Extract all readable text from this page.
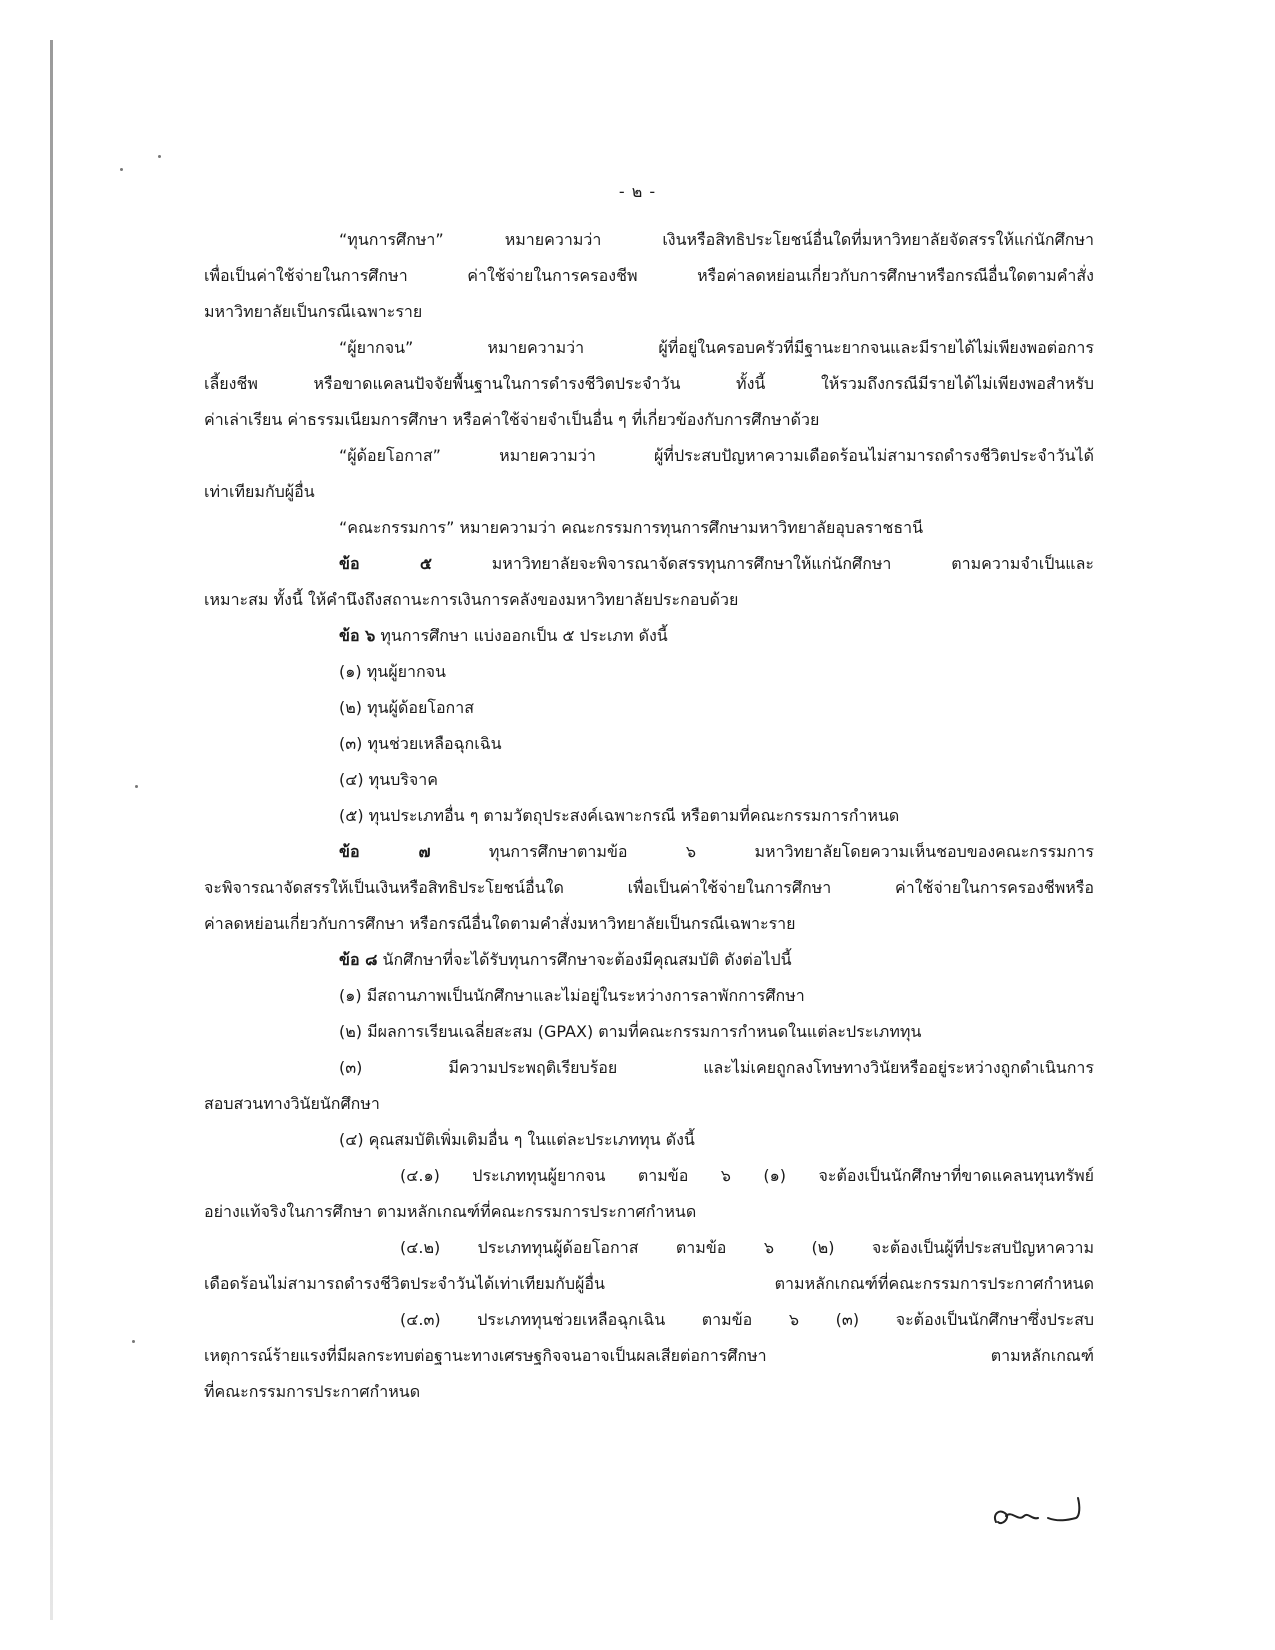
- ๒ -

“ทุนการศึกษา” หมายความว่า เงินหรือสิทธิประโยชน์อื่นใดที่มหาวิทยาลัยจัดสรรให้แก่นักศึกษา

เพื่อเป็นค่าใช้จ่ายในการศึกษา ค่าใช้จ่ายในการครองชีพ หรือค่าลดหย่อนเกี่ยวกับการศึกษาหรือกรณีอื่นใดตามคำสั่ง

มหาวิทยาลัยเป็นกรณีเฉพาะราย

“ผู้ยากจน” หมายความว่า ผู้ที่อยู่ในครอบครัวที่มีฐานะยากจนและมีรายได้ไม่เพียงพอต่อการ

เลี้ยงชีพ หรือขาดแคลนปัจจัยพื้นฐานในการดำรงชีวิตประจำวัน ทั้งนี้ ให้รวมถึงกรณีมีรายได้ไม่เพียงพอสำหรับ

ค่าเล่าเรียน ค่าธรรมเนียมการศึกษา หรือค่าใช้จ่ายจำเป็นอื่น ๆ ที่เกี่ยวข้องกับการศึกษาด้วย

“ผู้ด้อยโอกาส” หมายความว่า ผู้ที่ประสบปัญหาความเดือดร้อนไม่สามารถดำรงชีวิตประจำวันได้

เท่าเทียมกับผู้อื่น

“คณะกรรมการ” หมายความว่า คณะกรรมการทุนการศึกษามหาวิทยาลัยอุบลราชธานี

ข้อ ๕ มหาวิทยาลัยจะพิจารณาจัดสรรทุนการศึกษาให้แก่นักศึกษา ตามความจำเป็นและ

เหมาะสม ทั้งนี้ ให้คำนึงถึงสถานะการเงินการคลังของมหาวิทยาลัยประกอบด้วย

ข้อ ๖ ทุนการศึกษา แบ่งออกเป็น ๕ ประเภท ดังนี้

(๑) ทุนผู้ยากจน

(๒) ทุนผู้ด้อยโอกาส

(๓) ทุนช่วยเหลือฉุกเฉิน

(๔) ทุนบริจาค

(๕) ทุนประเภทอื่น ๆ ตามวัตถุประสงค์เฉพาะกรณี หรือตามที่คณะกรรมการกำหนด

ข้อ ๗ ทุนการศึกษาตามข้อ ๖ มหาวิทยาลัยโดยความเห็นชอบของคณะกรรมการ

จะพิจารณาจัดสรรให้เป็นเงินหรือสิทธิประโยชน์อื่นใด เพื่อเป็นค่าใช้จ่ายในการศึกษา ค่าใช้จ่ายในการครองชีพหรือ

ค่าลดหย่อนเกี่ยวกับการศึกษา หรือกรณีอื่นใดตามคำสั่งมหาวิทยาลัยเป็นกรณีเฉพาะราย

ข้อ ๘ นักศึกษาที่จะได้รับทุนการศึกษาจะต้องมีคุณสมบัติ ดังต่อไปนี้

(๑) มีสถานภาพเป็นนักศึกษาและไม่อยู่ในระหว่างการลาพักการศึกษา

(๒) มีผลการเรียนเฉลี่ยสะสม (GPAX) ตามที่คณะกรรมการกำหนดในแต่ละประเภททุน

(๓) มีความประพฤติเรียบร้อย และไม่เคยถูกลงโทษทางวินัยหรืออยู่ระหว่างถูกดำเนินการ

สอบสวนทางวินัยนักศึกษา

(๔) คุณสมบัติเพิ่มเติมอื่น ๆ ในแต่ละประเภททุน ดังนี้

(๔.๑) ประเภททุนผู้ยากจน ตามข้อ ๖ (๑) จะต้องเป็นนักศึกษาที่ขาดแคลนทุนทรัพย์

อย่างแท้จริงในการศึกษา ตามหลักเกณฑ์ที่คณะกรรมการประกาศกำหนด

(๔.๒) ประเภททุนผู้ด้อยโอกาส ตามข้อ ๖ (๒) จะต้องเป็นผู้ที่ประสบปัญหาความ

เดือดร้อนไม่สามารถดำรงชีวิตประจำวันได้เท่าเทียมกับผู้อื่น ตามหลักเกณฑ์ที่คณะกรรมการประกาศกำหนด

(๔.๓) ประเภททุนช่วยเหลือฉุกเฉิน ตามข้อ ๖ (๓) จะต้องเป็นนักศึกษาซึ่งประสบ

เหตุการณ์ร้ายแรงที่มีผลกระทบต่อฐานะทางเศรษฐกิจจนอาจเป็นผลเสียต่อการศึกษา ตามหลักเกณฑ์

ที่คณะกรรมการประกาศกำหนด
